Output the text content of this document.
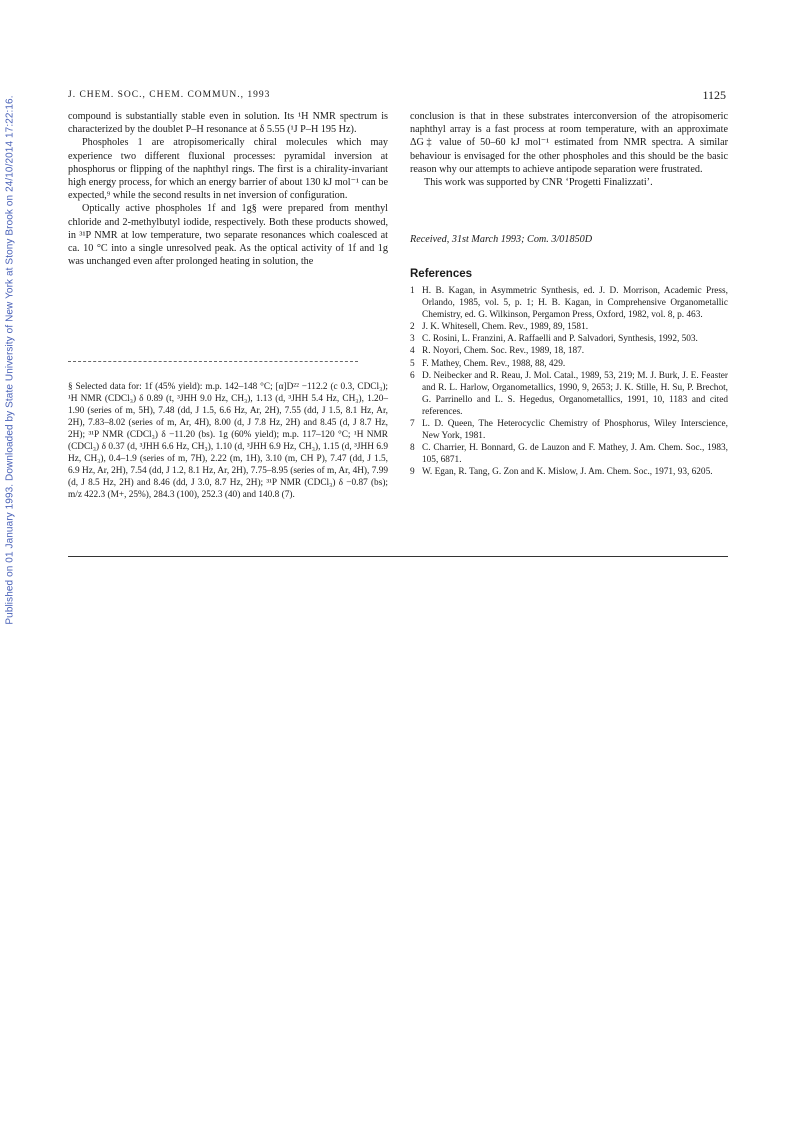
Published on 01 January 1993. Downloaded by State University of New York at Stony Brook on 24/10/2014 17:22:16.
J. CHEM. SOC., CHEM. COMMUN., 1993	1125

compound is substantially stable even in solution. Its ¹H NMR spectrum is characterized by the doublet P–H resonance at δ 5.55 (¹J P–H 195 Hz).

Phospholes 1 are atropisomerically chiral molecules which may experience two different fluxional processes: pyramidal inversion at phosphorus or flipping of the naphthyl rings. The first is a chirality-invariant high energy process, for which an energy barrier of about 130 kJ mol⁻¹ can be expected,⁹ while the second results in net inversion of configuration.

Optically active phospholes 1f and 1g§ were prepared from menthyl chloride and 2-methylbutyl iodide, respectively. Both these products showed, in ³¹P NMR at low temperature, two separate resonances which coalesced at ca. 10 °C into a single unresolved peak. As the optical activity of 1f and 1g was unchanged even after prolonged heating in solution, the

§ Selected data for: 1f (45% yield): m.p. 142–148 °C; [α]D²² −112.2 (c 0.3, CDCl₃); ¹H NMR (CDCl₃) δ 0.89 (t, ³JHH 9.0 Hz, CH₃), 1.13 (d, ³JHH 5.4 Hz, CH₃), 1.20–1.90 (series of m, 5H), 7.48 (dd, J 1.5, 6.6 Hz, Ar, 2H), 7.55 (dd, J 1.5, 8.1 Hz, Ar, 2H), 7.83–8.02 (series of m, Ar, 4H), 8.00 (d, J 7.8 Hz, 2H) and 8.45 (d, J 8.7 Hz, 2H); ³¹P NMR (CDCl₃) δ −11.20 (bs). 1g (60% yield); m.p. 117–120 °C; ¹H NMR (CDCl₃) δ 0.37 (d, ³JHH 6.6 Hz, CH₃), 1.10 (d, ³JHH 6.9 Hz, CH₃), 1.15 (d, ³JHH 6.9 Hz, CH₃), 0.4–1.9 (series of m, 7H), 2.22 (m, 1H), 3.10 (m, CH P), 7.47 (dd, J 1.5, 6.9 Hz, Ar, 2H), 7.54 (dd, J 1.2, 8.1 Hz, Ar, 2H), 7.75–8.95 (series of m, Ar, 4H), 7.99 (d, J 8.5 Hz, 2H) and 8.46 (dd, J 3.0, 8.7 Hz, 2H); ³¹P NMR (CDCl₃) δ −0.87 (bs); m/z 422.3 (M+, 25%), 284.3 (100), 252.3 (40) and 140.8 (7).

conclusion is that in these substrates interconversion of the atropisomeric naphthyl array is a fast process at room temperature, with an approximate ΔG‡ value of 50–60 kJ mol⁻¹ estimated from NMR spectra. A similar behaviour is envisaged for the other phospholes and this should be the basic reason why our attempts to achieve antipode separation were frustrated.

This work was supported by CNR ‘Progetti Finalizzati’.

Received, 31st March 1993; Com. 3/01850D

References
1 H. B. Kagan, in Asymmetric Synthesis, ed. J. D. Morrison, Academic Press, Orlando, 1985, vol. 5, p. 1; H. B. Kagan, in Comprehensive Organometallic Chemistry, ed. G. Wilkinson, Pergamon Press, Oxford, 1982, vol. 8, p. 463.
2 J. K. Whitesell, Chem. Rev., 1989, 89, 1581.
3 C. Rosini, L. Franzini, A. Raffaelli and P. Salvadori, Synthesis, 1992, 503.
4 R. Noyori, Chem. Soc. Rev., 1989, 18, 187.
5 F. Mathey, Chem. Rev., 1988, 88, 429.
6 D. Neibecker and R. Reau, J. Mol. Catal., 1989, 53, 219; M. J. Burk, J. E. Feaster and R. L. Harlow, Organometallics, 1990, 9, 2653; J. K. Stille, H. Su, P. Brechot, G. Parrinello and L. S. Hegedus, Organometallics, 1991, 10, 1183 and cited references.
7 L. D. Queen, The Heterocyclic Chemistry of Phosphorus, Wiley Interscience, New York, 1981.
8 C. Charrier, H. Bonnard, G. de Lauzon and F. Mathey, J. Am. Chem. Soc., 1983, 105, 6871.
9 W. Egan, R. Tang, G. Zon and K. Mislow, J. Am. Chem. Soc., 1971, 93, 6205.
